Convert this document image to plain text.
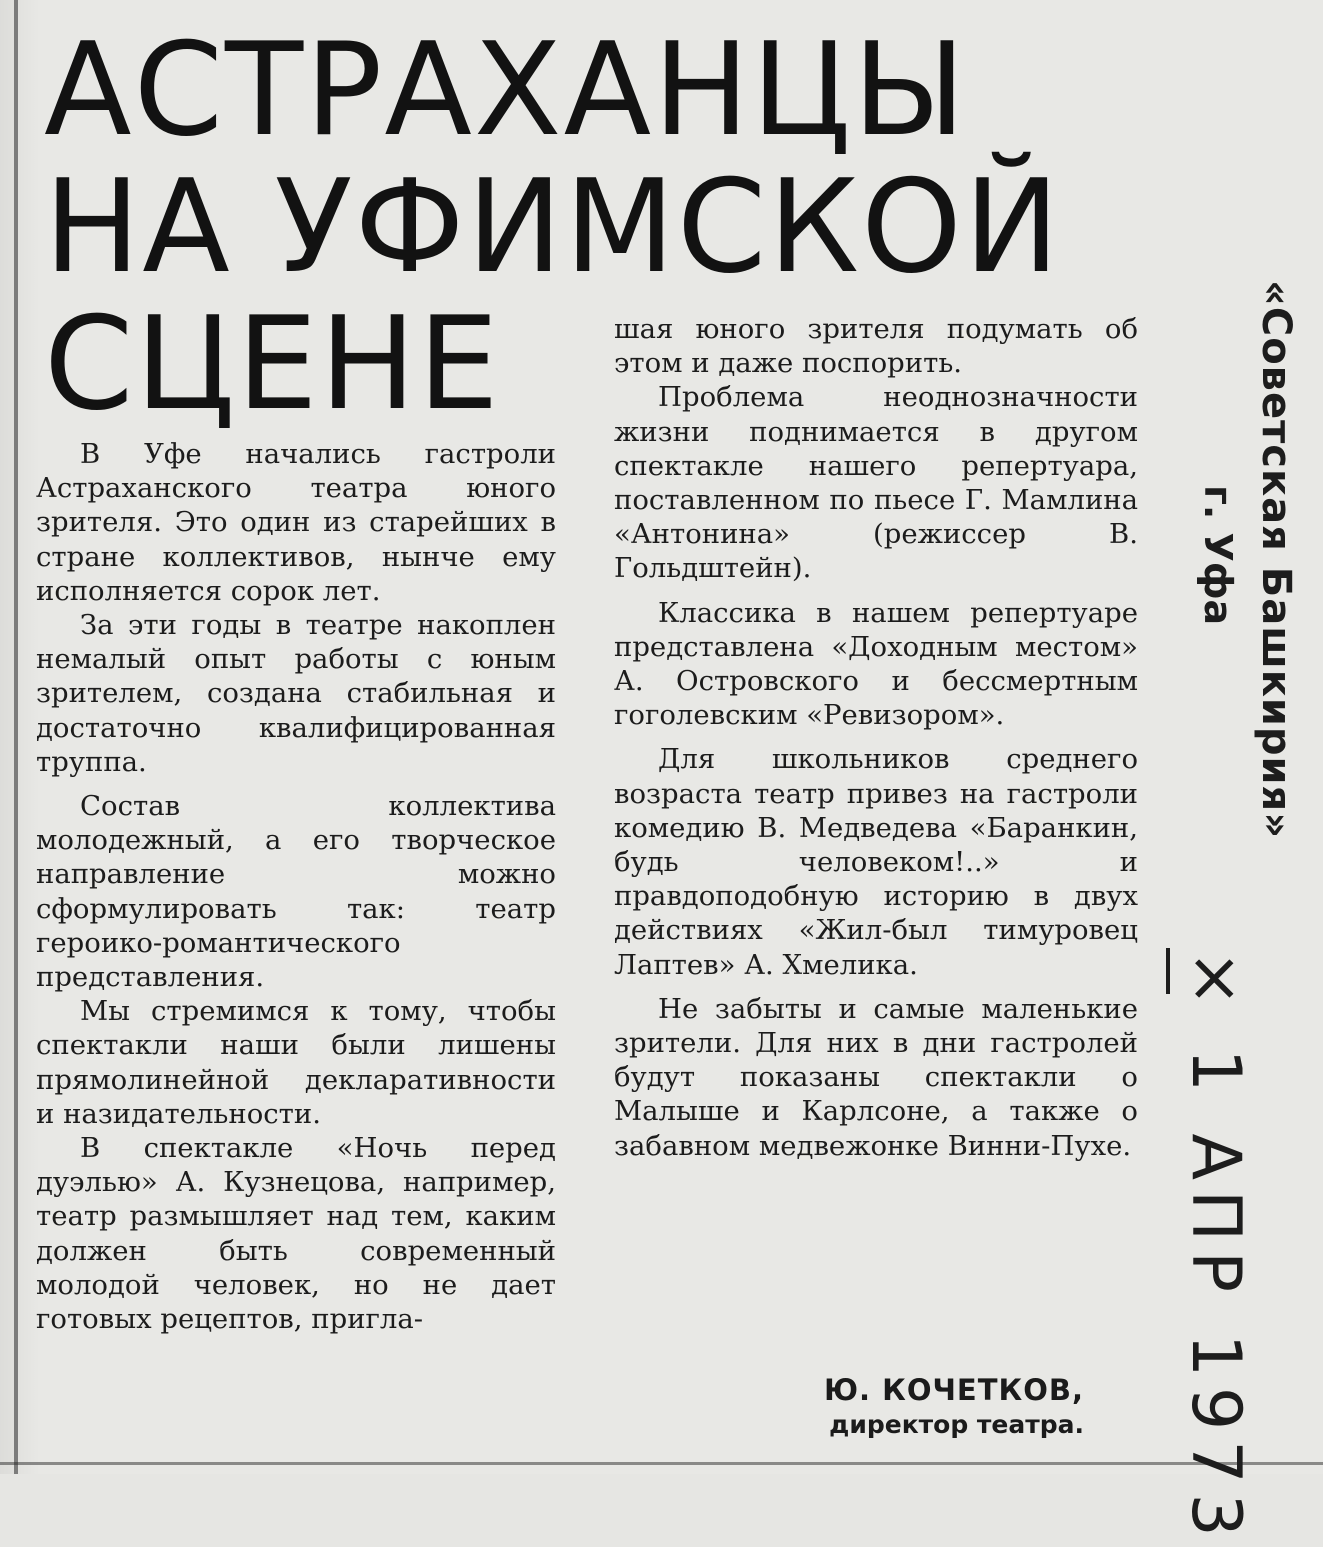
АСТРАХАНЦЫ
НА УФИМСКОЙ
СЦЕНЕ

В Уфе начались гастроли Астраханского театра юного зрителя. Это один из старейших в стране коллективов, нынче ему исполняется сорок лет.

За эти годы в театре накоплен немалый опыт работы с юным зрителем, создана стабильная и достаточно квалифицированная труппа.

Состав коллектива молодежный, а его творческое направление можно сформулировать так: театр героико-романтического представления.

Мы стремимся к тому, чтобы спектакли наши были лишены прямолинейной декларативности и назидательности.

В спектакле «Ночь перед дуэлью» А. Кузнецова, например, театр размышляет над тем, каким должен быть современный молодой человек, но не дает готовых рецептов, пригла-

шая юного зрителя подумать об этом и даже поспорить.

Проблема неоднозначности жизни поднимается в другом спектакле нашего репертуара, поставленном по пьесе Г. Мамлина «Антонина» (режиссер В. Гольдштейн).

Классика в нашем репертуаре представлена «Доходным местом» А. Островского и бессмертным гоголевским «Ревизором».

Для школьников среднего возраста театр привез на гастроли комедию В. Медведева «Баранкин, будь человеком!..» и правдоподобную историю в двух действиях «Жил-был тимуровец Лаптев» А. Хмелика.

Не забыты и самые маленькие зрители. Для них в дни гастролей будут показаны спектакли о Малыше и Карлсоне, а также о забавном медвежонке Винни-Пухе.

Ю. КОЧЕТКОВ,
директор театра.
«Советская Башкирия»
г. Уфа
× 1 АПР 1973
